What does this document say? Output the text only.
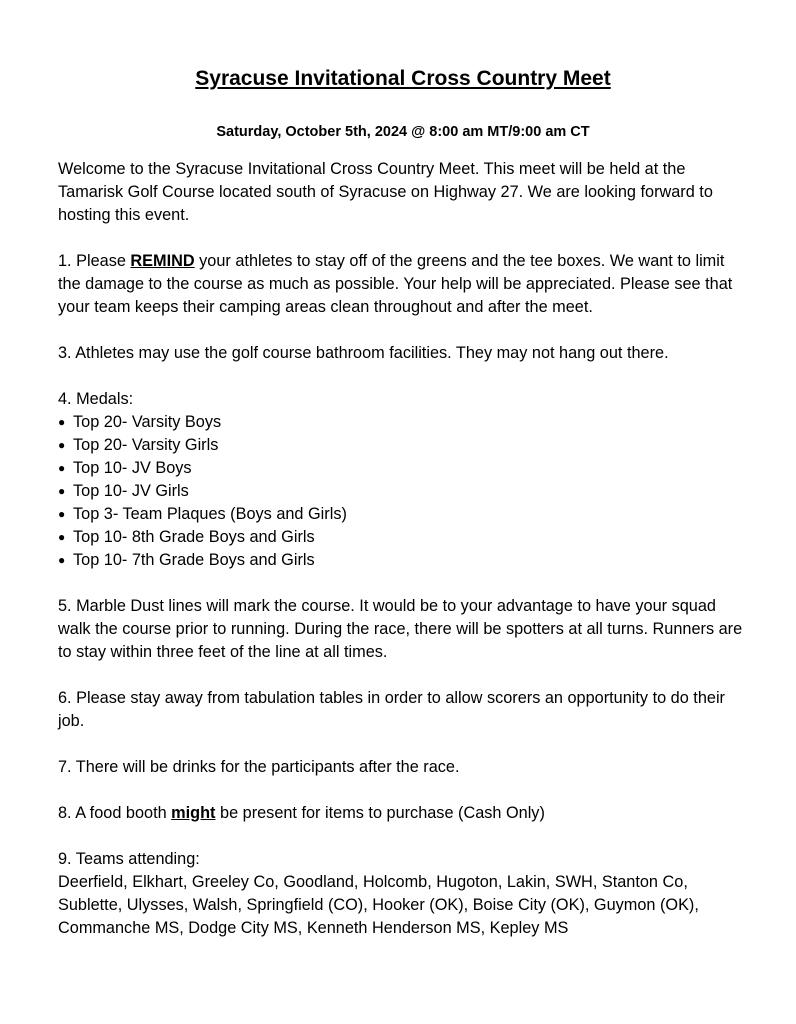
Syracuse Invitational Cross Country Meet
Saturday, October 5th, 2024 @ 8:00 am MT/9:00 am CT
Welcome to the Syracuse Invitational Cross Country Meet. This meet will be held at the Tamarisk Golf Course located south of Syracuse on Highway 27. We are looking forward to hosting this event.
1. Please REMIND your athletes to stay off of the greens and the tee boxes. We want to limit the damage to the course as much as possible. Your help will be appreciated. Please see that your team keeps their camping areas clean throughout and after the meet.
3. Athletes may use the golf course bathroom facilities. They may not hang out there.
4. Medals:
● Top 20- Varsity Boys
● Top 20- Varsity Girls
● Top 10- JV Boys
● Top 10- JV Girls
● Top 3- Team Plaques (Boys and Girls)
● Top 10- 8th Grade Boys and Girls
● Top 10- 7th Grade Boys and Girls
5. Marble Dust lines will mark the course. It would be to your advantage to have your squad walk the course prior to running. During the race, there will be spotters at all turns. Runners are to stay within three feet of the line at all times.
6. Please stay away from tabulation tables in order to allow scorers an opportunity to do their job.
7. There will be drinks for the participants after the race.
8. A food booth might be present for items to purchase (Cash Only)
9. Teams attending:
Deerfield, Elkhart, Greeley Co, Goodland, Holcomb, Hugoton, Lakin, SWH, Stanton Co, Sublette, Ulysses, Walsh, Springfield (CO), Hooker (OK), Boise City (OK), Guymon (OK), Commanche MS, Dodge City MS, Kenneth Henderson MS, Kepley MS
